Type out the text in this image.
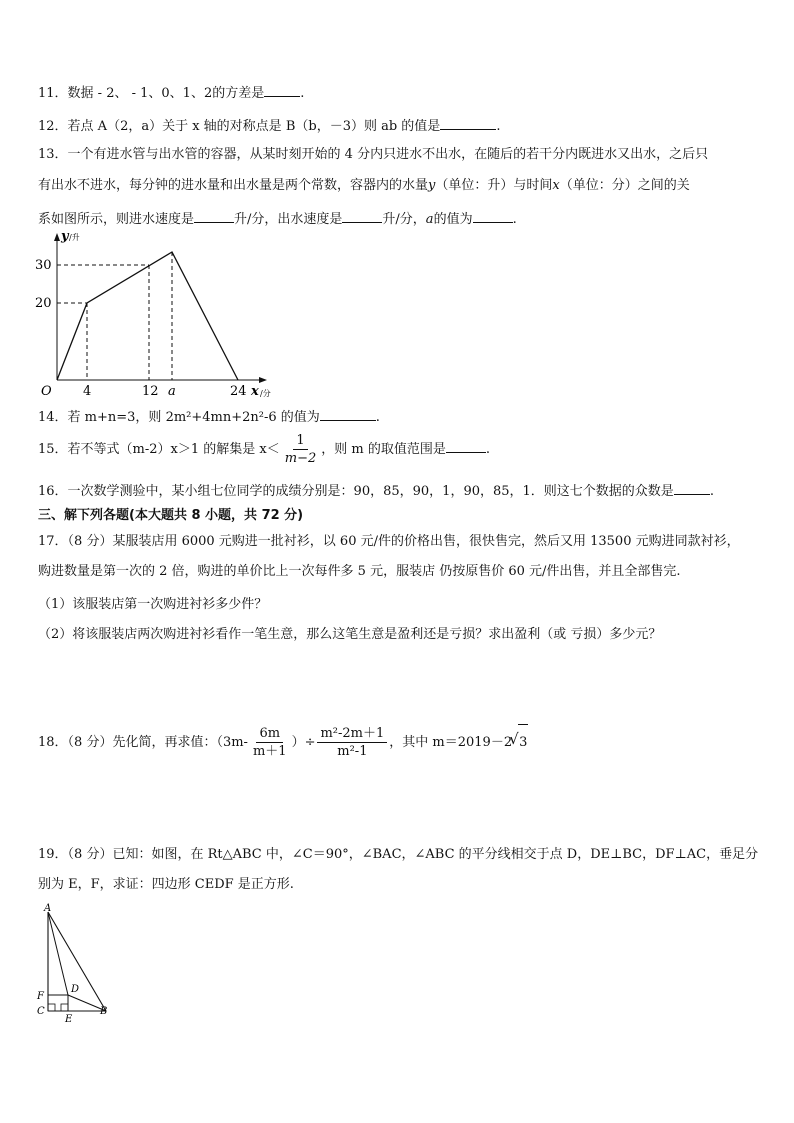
11．数据 - 2、 - 1、0、1、2的方差是	.
12．若点 A（2，a）关于 x 轴的对称点是 B（b，－3）则 ab 的值是	.
13．一个有进水管与出水管的容器，从某时刻开始的 4 分内只进水不出水，在随后的若干分内既进水又出水，之后只
有出水不进水，每分钟的进水量和出水量是两个常数，容器内的水量y（单位：升）与时间x（单位：分）之间的关
系如图所示，则进水速度是	升/分，出水速度是	升/分，a的值为	.
y /升
30
20
O 4	12 a	24 x /分
14．若 m+n=3，则 2m²+4mn+2n²-6 的值为	.
15．若不等式（m-2）x＞1 的解集是 $x< \frac{1}{m-2}$ ，则 m 的取值范围是	.
16．一次数学测验中，某小组七位同学的成绩分别是：90，85，90，1，90，85，1．则这七个数据的众数是	.
三、解下列各题(本大题共 8 小题，共 72 分)
17．（8 分）某服装店用 6000 元购进一批衬衫，以 60 元/件的价格出售，很快售完，然后又用 13500 元购进同款衬衫，
购进数量是第一次的 2 倍，购进的单价比上一次每件多 5 元，服装店 仍按原售价 60 元/件出售，并且全部售完.
（1）该服装店第一次购进衬衫多少件？
（2）将该服装店两次购进衬衫看作一笔生意，那么这笔生意是盈利还是亏损？求出盈利（或 亏损）多少元？
18．（8 分）先化简，再求值：（$3m- \frac{6m}{m+1}$ ）÷ $\frac{\text{m²-2m＋1}}{\text{m²-1}}$ ，其中 m＝2019－2√ 3
19．（8 分）已知：如图，在 Rt△ABC 中，∠C＝90°，∠BAC，∠ABC 的平分线相交于点 D，DE⊥BC，DF⊥AC，垂足分
别为 E，F，求证：四边形 CEDF 是正方形.
A
F
D
C
E
B
